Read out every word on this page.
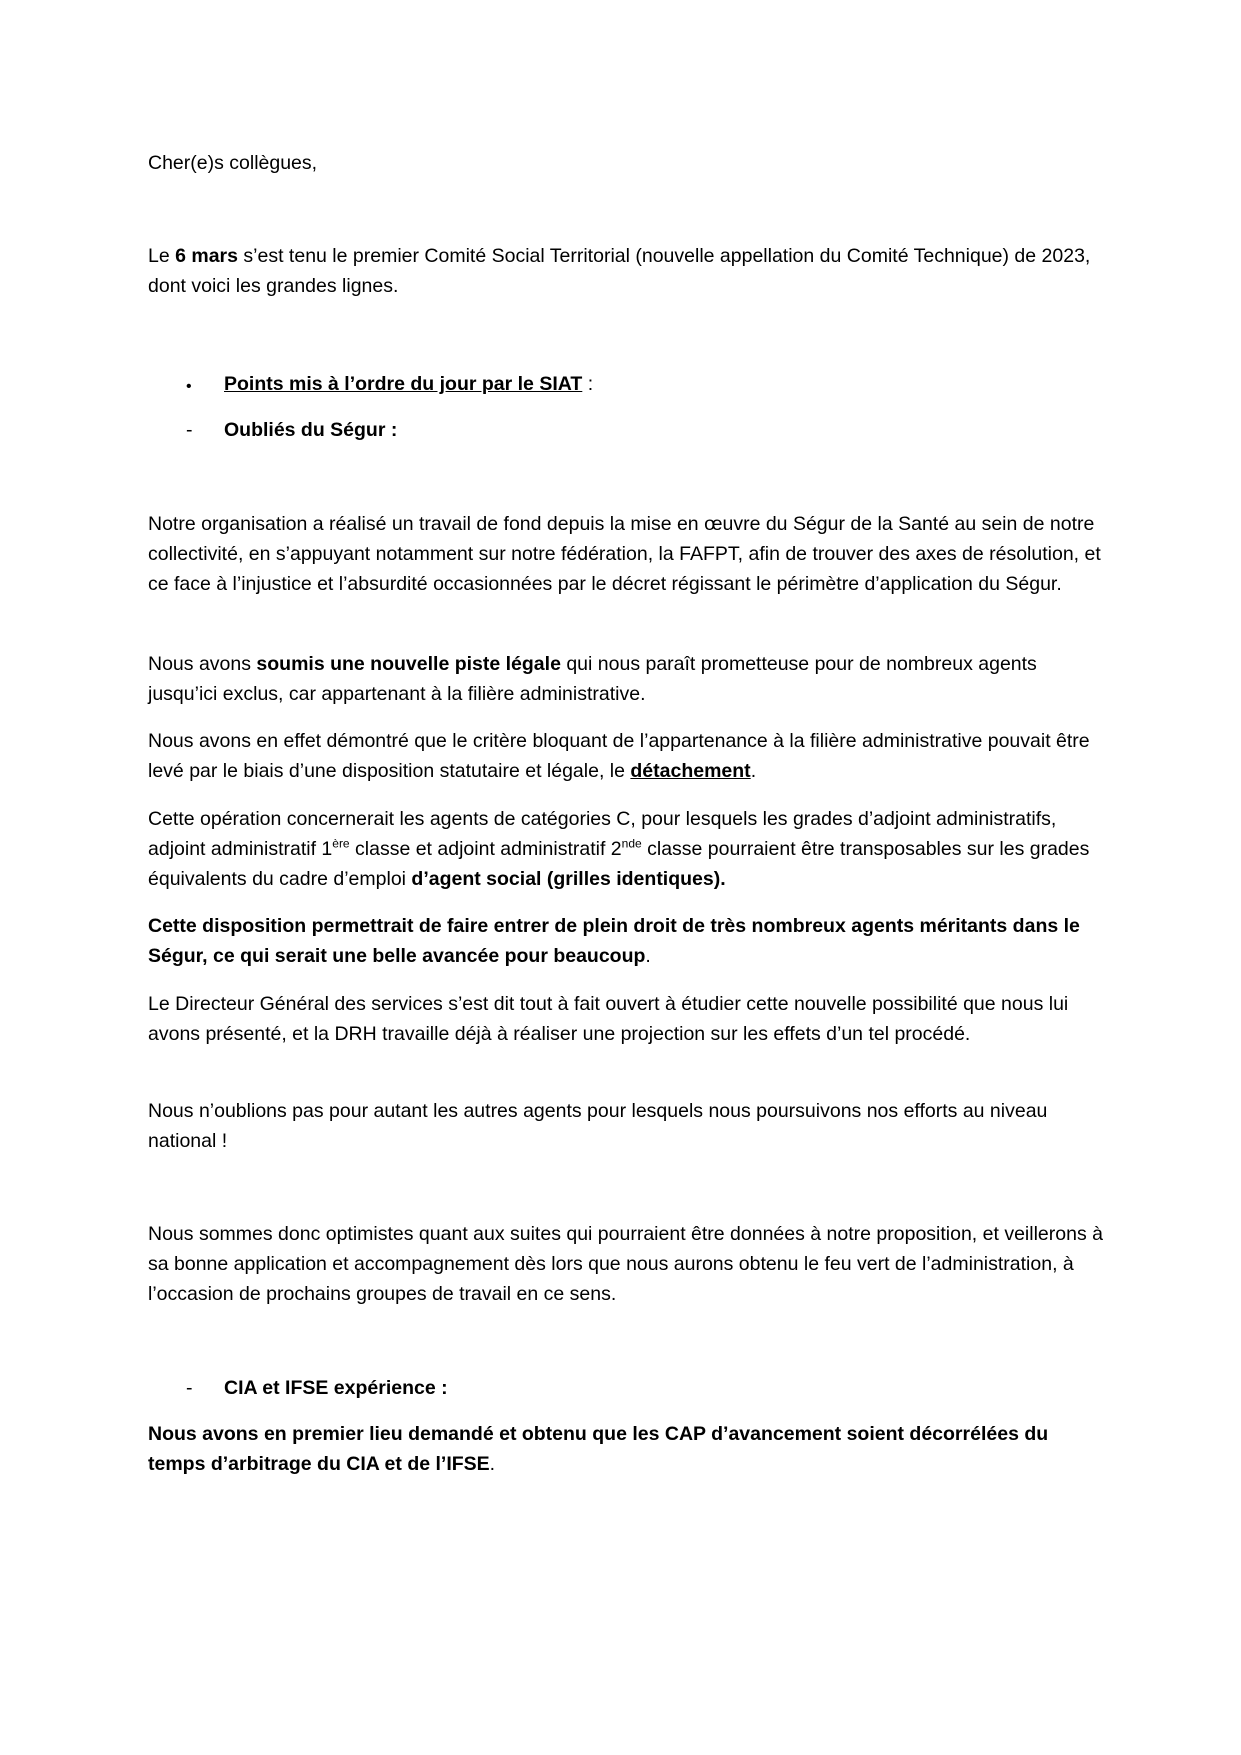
Cher(e)s collègues,

Le 6 mars s’est tenu le premier Comité Social Territorial (nouvelle appellation du Comité Technique) de 2023, dont voici les grandes lignes.

• Points mis à l’ordre du jour par le SIAT :

- Oubliés du Ségur :

Notre organisation a réalisé un travail de fond depuis la mise en œuvre du Ségur de la Santé au sein de notre collectivité, en s’appuyant notamment sur notre fédération, la FAFPT, afin de trouver des axes de résolution, et ce face à l’injustice et l’absurdité occasionnées par le décret régissant le périmètre d’application du Ségur.

Nous avons soumis une nouvelle piste légale qui nous paraît prometteuse pour de nombreux agents jusqu’ici exclus, car appartenant à la filière administrative.

Nous avons en effet démontré que le critère bloquant de l’appartenance à la filière administrative pouvait être levé par le biais d’une disposition statutaire et légale, le détachement.

Cette opération concernerait les agents de catégories C, pour lesquels les grades d’adjoint administratifs, adjoint administratif 1ère classe et adjoint administratif 2nde classe pourraient être transposables sur les grades équivalents du cadre d’emploi d’agent social (grilles identiques).

Cette disposition permettrait de faire entrer de plein droit de très nombreux agents méritants dans le Ségur, ce qui serait une belle avancée pour beaucoup.

Le Directeur Général des services s’est dit tout à fait ouvert à étudier cette nouvelle possibilité que nous lui avons présenté, et la DRH travaille déjà à réaliser une projection sur les effets d’un tel procédé.

Nous n’oublions pas pour autant les autres agents pour lesquels nous poursuivons nos efforts au niveau national !

Nous sommes donc optimistes quant aux suites qui pourraient être données à notre proposition, et veillerons à sa bonne application et accompagnement dès lors que nous aurons obtenu le feu vert de l’administration, à l’occasion de prochains groupes de travail en ce sens.

- CIA et IFSE expérience :

Nous avons en premier lieu demandé et obtenu que les CAP d’avancement soient décorrélées du temps d’arbitrage du CIA et de l’IFSE.
